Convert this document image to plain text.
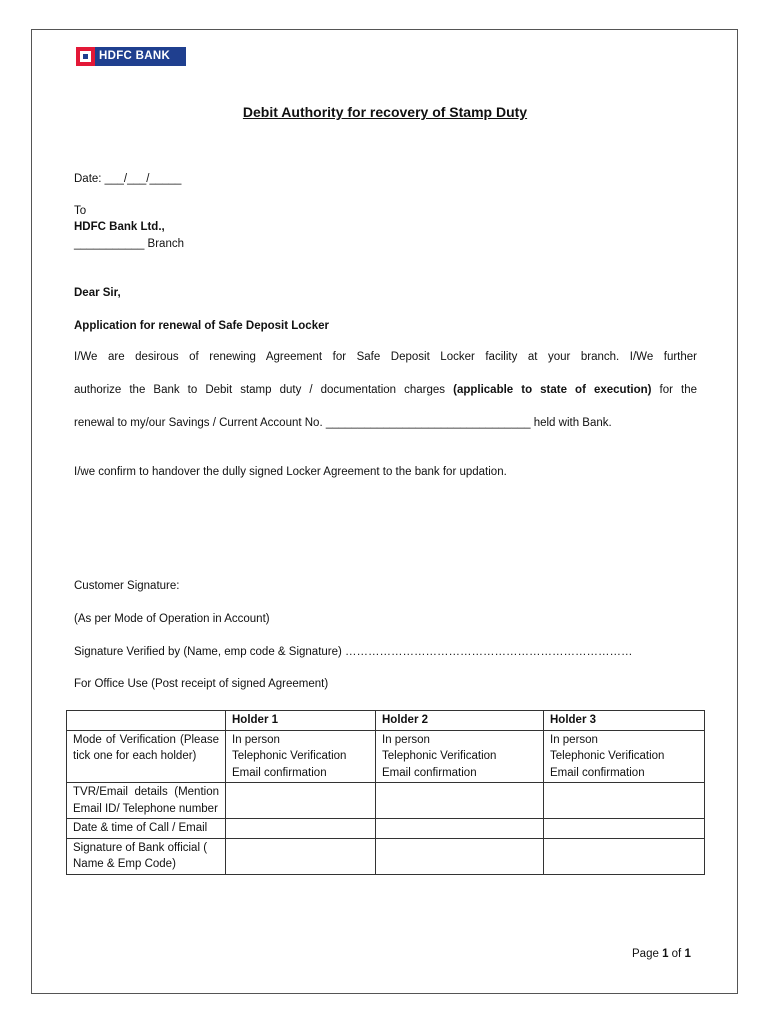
HDFC BANK
Debit Authority for recovery of Stamp Duty
Date: ___/___/_____
To
HDFC Bank Ltd.,
___________ Branch
Dear Sir,
Application for renewal of Safe Deposit Locker
I/We are desirous of renewing Agreement for Safe Deposit Locker facility at your branch. I/We further
authorize the Bank to Debit stamp duty / documentation charges (applicable to state of execution) for the
renewal to my/our Savings / Current Account No. ________________________________ held with Bank.
I/we confirm to handover the dully signed Locker Agreement to the bank for updation.
Customer Signature:
(As per Mode of Operation in Account)
Signature Verified by (Name, emp code & Signature) …………………………………………………………………
For Office Use (Post receipt of signed Agreement)
	Holder 1	Holder 2	Holder 3
Mode of Verification (Please tick one for each holder)	In person
Telephonic Verification
Email confirmation	In person
Telephonic Verification
Email confirmation	In person
Telephonic Verification
Email confirmation
TVR/Email details (Mention Email ID/ Telephone number			
Date & time of Call / Email			
Signature of Bank official ( Name & Emp Code)			
Page 1 of 1
